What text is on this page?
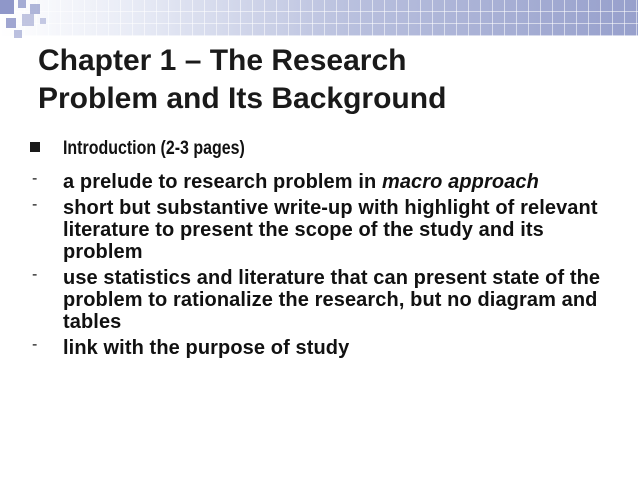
Chapter 1 – The Research
Problem and Its Background
Introduction (2-3 pages)
- a prelude to research problem in macro approach
- short but substantive write-up with highlight of relevant literature to present the scope of the study and its problem
- use statistics and literature that can present state of the problem to rationalize the research, but no diagram and tables
- link with the purpose of study
